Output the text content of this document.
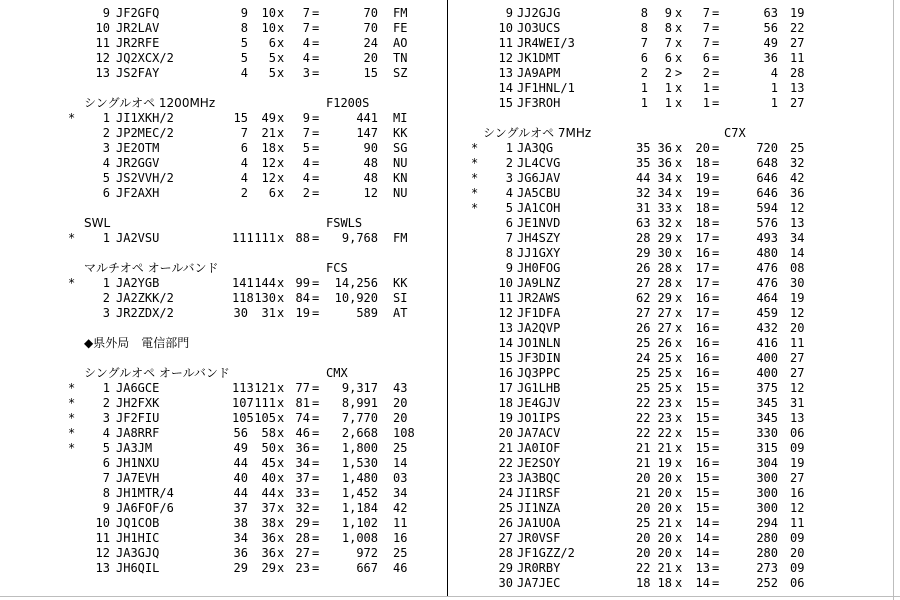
9 JF2GFQ	9	10 x	7 =	70 FM
10 JR2LAV	8	10 x	7 =	70 FE
11 JR2RFE	5	6 x	4 =	24 AO
12 JQ2XCX/2	5	5 x	4 =	20 TN
13 JS2FAY	4	5 x	3 =	15 SZ
シングルオペ 1200MHz	F1200S
*	1 JI1XKH/2	15	49 x	9 =	441 MI
2 JP2MEC/2	7	21 x	7 =	147 KK
3 JE2OTM	6	18 x	5 =	90 SG
4 JR2GGV	4	12 x	4 =	48 NU
5 JS2VVH/2	4	12 x	4 =	48 KN
6 JF2AXH	2	6 x	2 =	12 NU
SWL	FSWLS
*	1 JA2VSU	111 111 x 88 =	9,768 FM
マルチオペ オールバンド	FCS
*	1 JA2YGB	141 144 x 99 =	14,256 KK
2 JA2ZKK/2	118 130 x 84 =	10,920 SI
3 JR2ZDX/2	30	31 x 19 =	589 AT
◆県外局　電信部門
シングルオペ オールバンド	CMX
*	1 JA6GCE	113 121 x 77 =	9,317 43
*	2 JH2FXK	107 111 x 81 =	8,991 20
*	3 JF2FIU	105 105 x 74 =	7,770 20
*	4 JA8RRF	56	58 x 46 =	2,668 108
*	5 JA3JM	49	50 x 36 =	1,800 25
6 JH1NXU	44	45 x 34 =	1,530 14
7 JA7EVH	40	40 x 37 =	1,480 03
8 JH1MTR/4	44	44 x 33 =	1,452 34
9 JA6FOF/6	37	37 x 32 =	1,184 42
10 JQ1COB	38	38 x 29 =	1,102 11
11 JH1HIC	34	36 x 28 =	1,008 16
12 JA3GJQ	36	36 x 27 =	972 25
13 JH6QIL	29	29 x 23 =	667 46
9 JJ2GJG	8	9 x	7 =	63 19
10 JO3UCS	8	8 x	7 =	56 22
11 JR4WEI/3	7	7 x	7 =	49 27
12 JK1DMT	6	6 x	6 =	36 11
13 JA9APM	2	2 >	2 =	4 28
14 JF1HNL/1	1	1 x	1 =	1 13
15 JF3ROH	1	1 x	1 =	1 27
シングルオペ 7MHz	C7X
*	1 JA3QG	35 36 x 20 =	720 25
*	2 JL4CVG	35 36 x 18 =	648 32
*	3 JG6JAV	44 34 x 19 =	646 42
*	4 JA5CBU	32 34 x 19 =	646 36
*	5 JA1COH	31 33 x 18 =	594 12
6 JE1NVD	63 32 x 18 =	576 13
7 JH4SZY	28 29 x 17 =	493 34
8 JJ1GXY	29 30 x 16 =	480 14
9 JH0FOG	26 28 x 17 =	476 08
10 JA9LNZ	27 28 x 17 =	476 30
11 JR2AWS	62 29 x 16 =	464 19
12 JF1DFA	27 27 x 17 =	459 12
13 JA2QVP	26 27 x 16 =	432 20
14 JO1NLN	25 26 x 16 =	416 11
15 JF3DIN	24 25 x 16 =	400 27
16 JQ3PPC	25 25 x 16 =	400 27
17 JG1LHB	25 25 x 15 =	375 12
18 JE4GJV	22 23 x 15 =	345 31
19 JO1IPS	22 23 x 15 =	345 13
20 JA7ACV	22 22 x 15 =	330 06
21 JA0IOF	21 21 x 15 =	315 09
22 JE2SOY	21 19 x 16 =	304 19
23 JA3BQC	20 20 x 15 =	300 27
24 JI1RSF	21 20 x 15 =	300 16
25 JI1NZA	20 20 x 15 =	300 12
26 JA1UOA	25 21 x 14 =	294 11
27 JR0VSF	20 20 x 14 =	280 09
28 JF1GZZ/2	20 20 x 14 =	280 20
29 JR0RBY	22 21 x 13 =	273 09
30 JA7JEC	18 18 x 14 =	252 06
